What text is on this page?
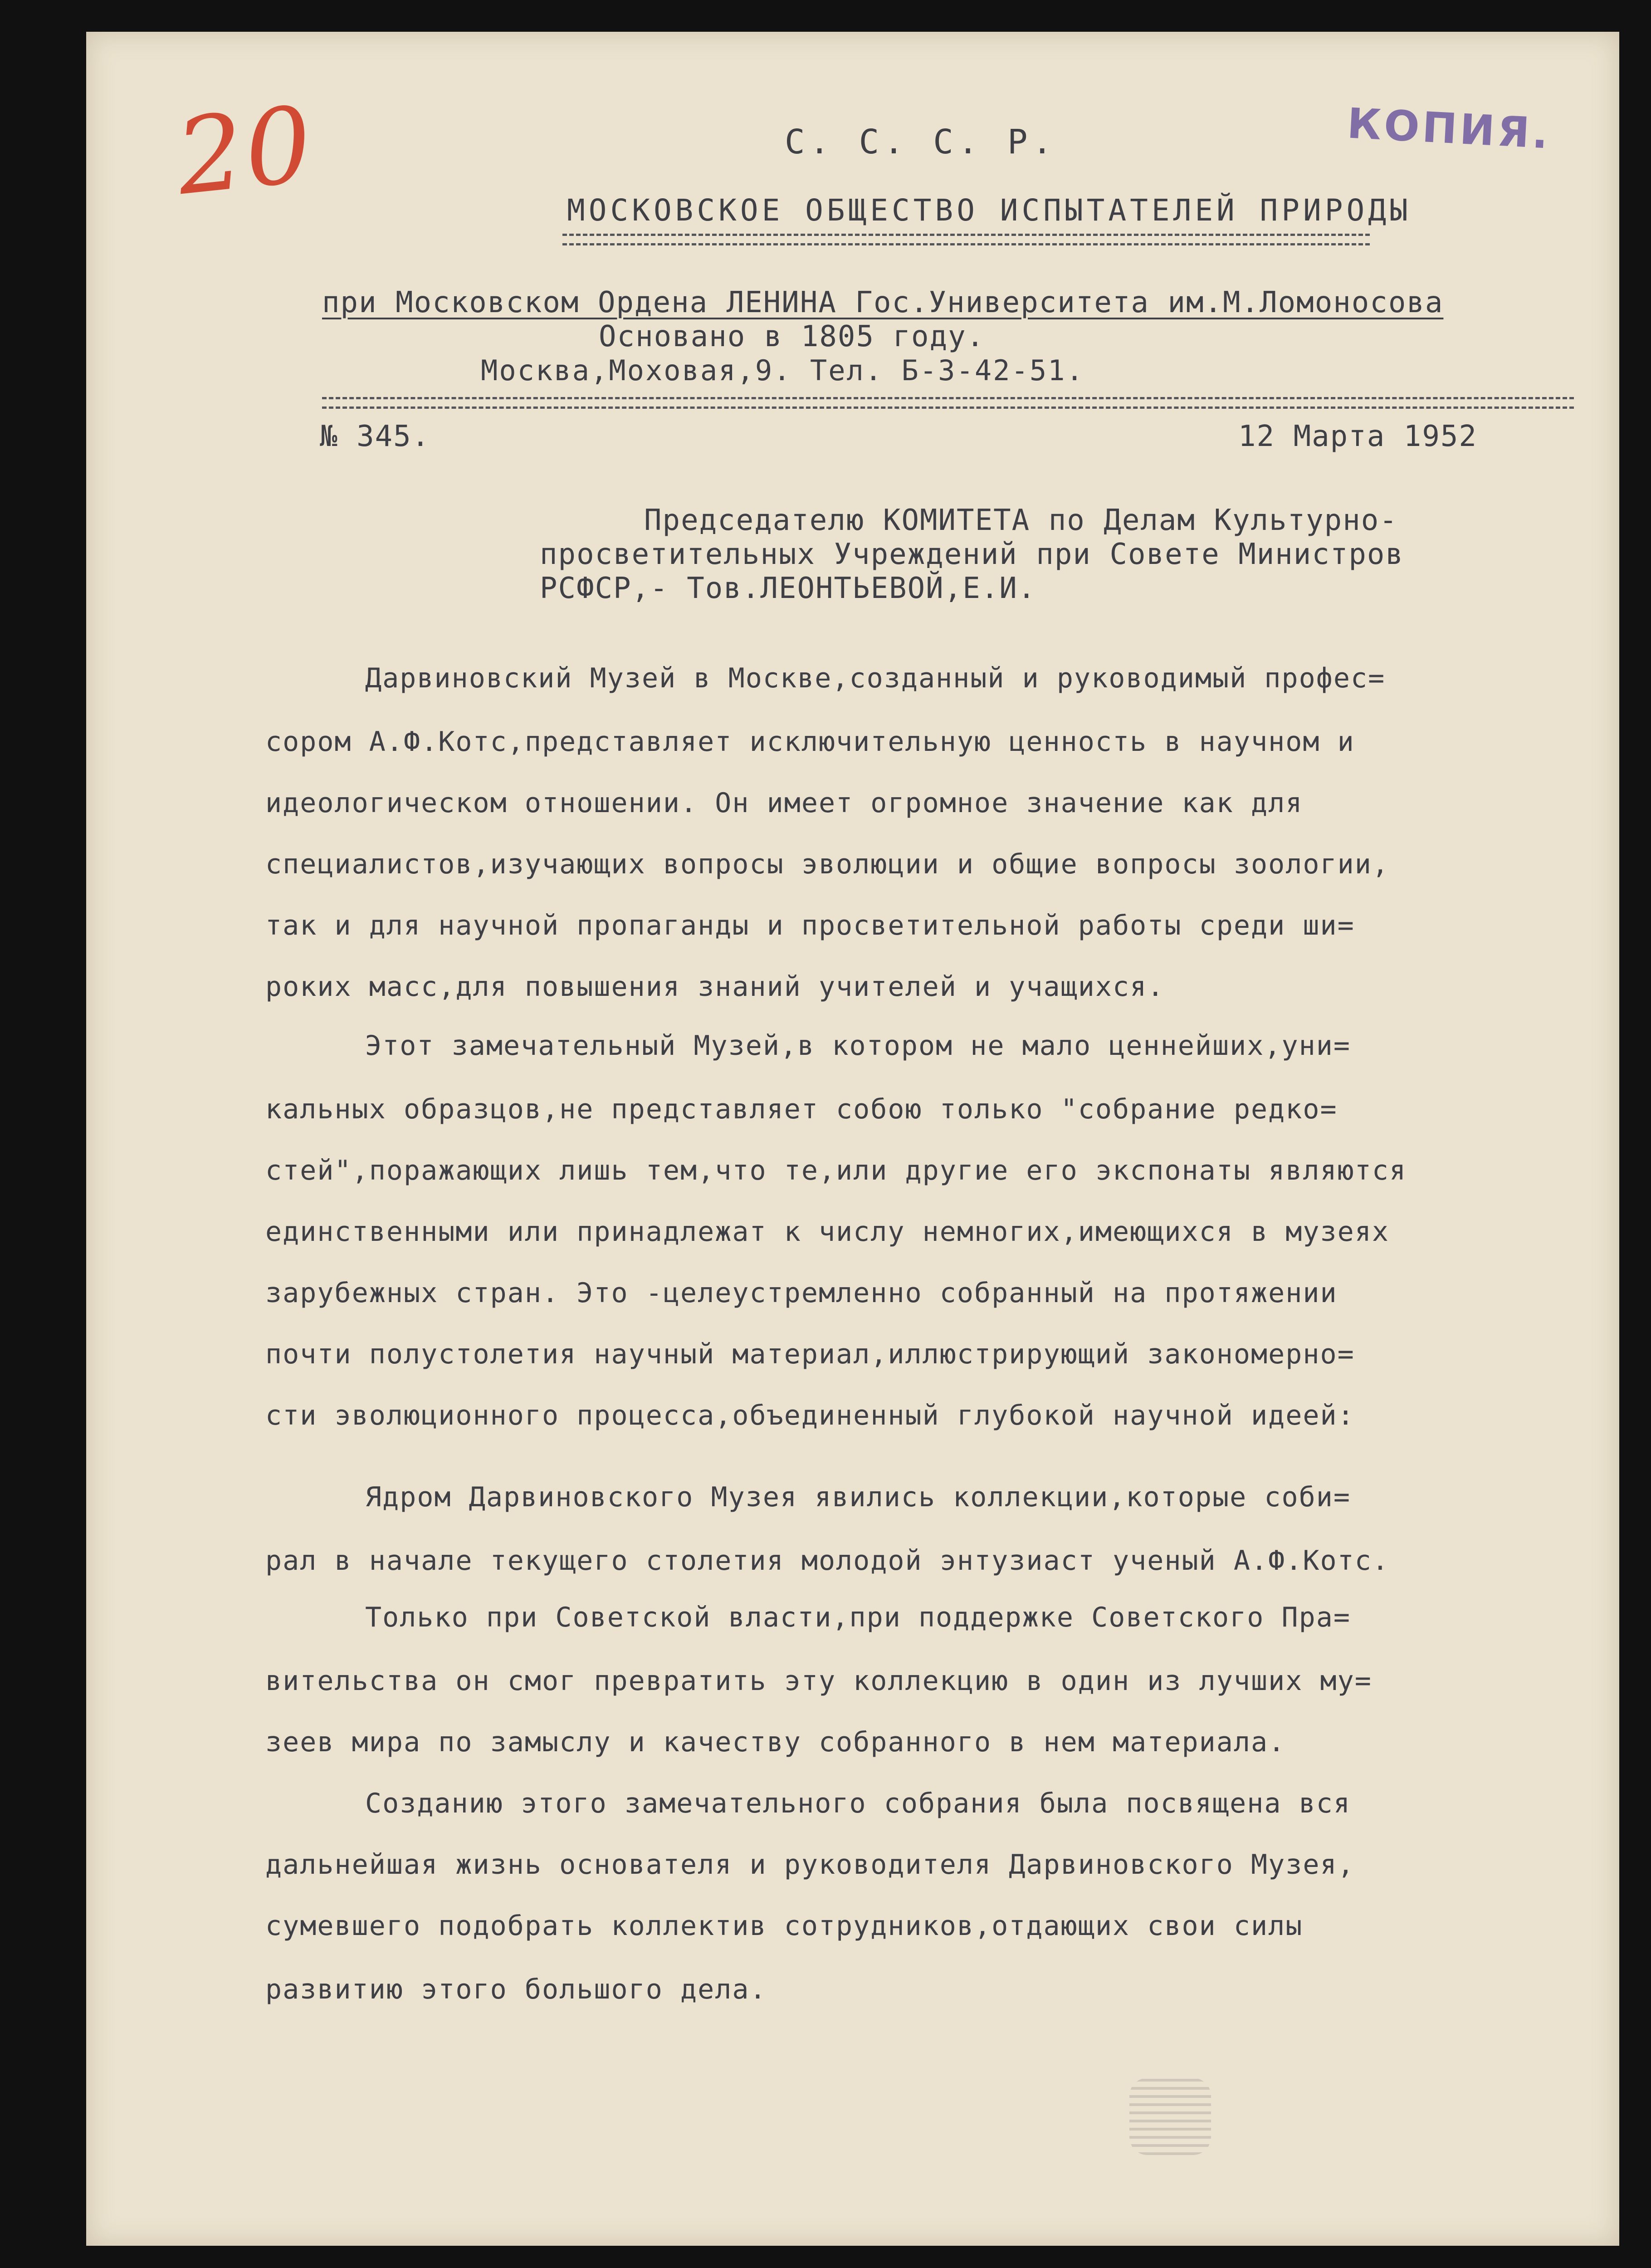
20	КОПИЯ.
С. С. С. Р.
МОСКОВСКОЕ ОБЩЕСТВО ИСПЫТАТЕЛЕЙ ПРИРОДЫ
при Московском Ордена ЛЕНИНА Гос.Университета им.М.Ломоносова
Основано в 1805 году.
Москва,Моховая,9. Тел. Б-3-42-51.
№ 345.	12 Марта 1952
Председателю КОМИТЕТА по Делам Культурно-
просветительных Учреждений при Совете Министров
РСФСР,- Тов.ЛЕОНТЬЕВОЙ,Е.И.
Дарвиновский Музей в Москве,созданный и руководимый профес=
сором А.Ф.Котс,представляет исключительную ценность в научном и
идеологическом отношении. Он имеет огромное значение как для
специалистов,изучающих вопросы эволюции и общие вопросы зоологии,
так и для научной пропаганды и просветительной работы среди ши=
роких масс,для повышения знаний учителей и учащихся.
Этот замечательный Музей,в котором не мало ценнейших,уни=
кальных образцов,не представляет собою только "собрание редко=
стей",поражающих лишь тем,что те,или другие его экспонаты являются
единственными или принадлежат к числу немногих,имеющихся в музеях
зарубежных стран. Это -целеустремленно собранный на протяжении
почти полустолетия научный материал,иллюстрирующий закономерно=
сти эволюционного процесса,объединенный глубокой научной идеей:
Ядром Дарвиновского Музея явились коллекции,которые соби=
рал в начале текущего столетия молодой энтузиаст ученый А.Ф.Котс.
Только при Советской власти,при поддержке Советского Пра=
вительства он смог превратить эту коллекцию в один из лучших му=
зеев мира по замыслу и качеству собранного в нем материала.
Созданию этого замечательного собрания была посвящена вся
дальнейшая жизнь основателя и руководителя Дарвиновского Музея,
сумевшего подобрать коллектив сотрудников,отдающих свои силы
развитию этого большого дела.
